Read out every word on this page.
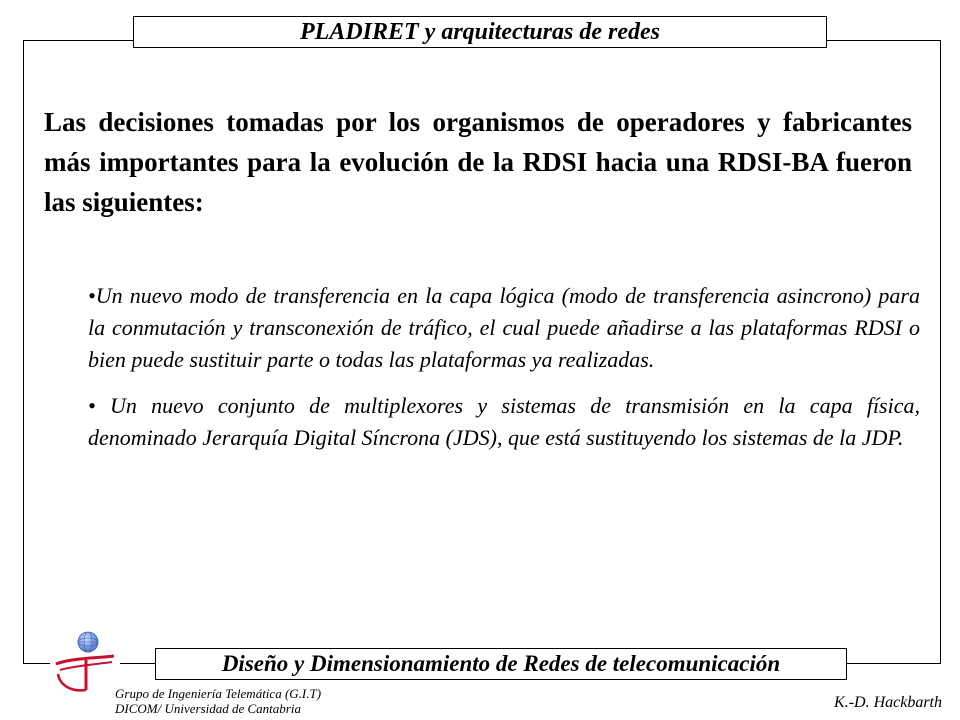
PLADIRET y arquitecturas de redes
Las decisiones tomadas por los organismos de operadores y fabricantes más importantes para la evolución de la RDSI hacia una RDSI-BA fueron las siguientes:

•Un nuevo modo de transferencia en la capa lógica (modo de transferencia asincrono) para la conmutación y transconexión de tráfico, el cual puede añadirse a las plataformas RDSI o bien puede sustituir parte o todas las plataformas ya realizadas.

• Un nuevo conjunto de multiplexores y sistemas de transmisión en la capa física, denominado Jerarquía Digital Síncrona (JDS), que está sustituyendo los sistemas de la JDP.

Diseño y Dimensionamiento de Redes de telecomunicación
Grupo de Ingeniería Telemática (G.I.T)
DICOM/ Universidad de Cantabria	K.-D. Hackbarth
